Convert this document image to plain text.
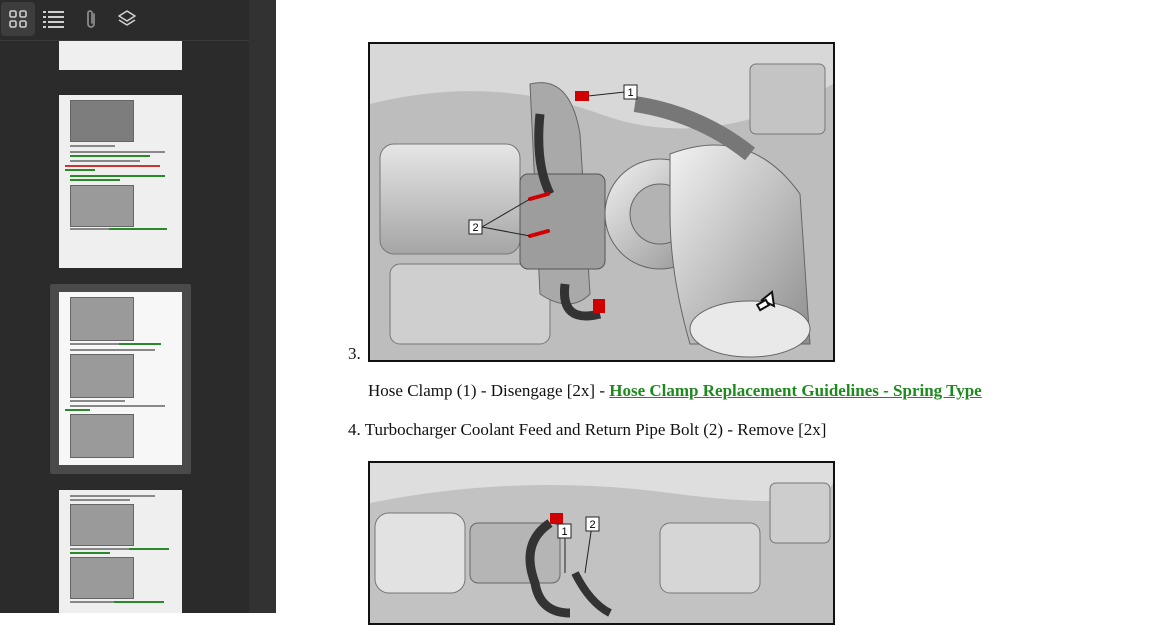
1
2
3.
Hose Clamp (1) - Disengage [2x] - Hose Clamp Replacement Guidelines - Spring Type
4. Turbocharger Coolant Feed and Return Pipe Bolt (2) - Remove [2x]
1
2
